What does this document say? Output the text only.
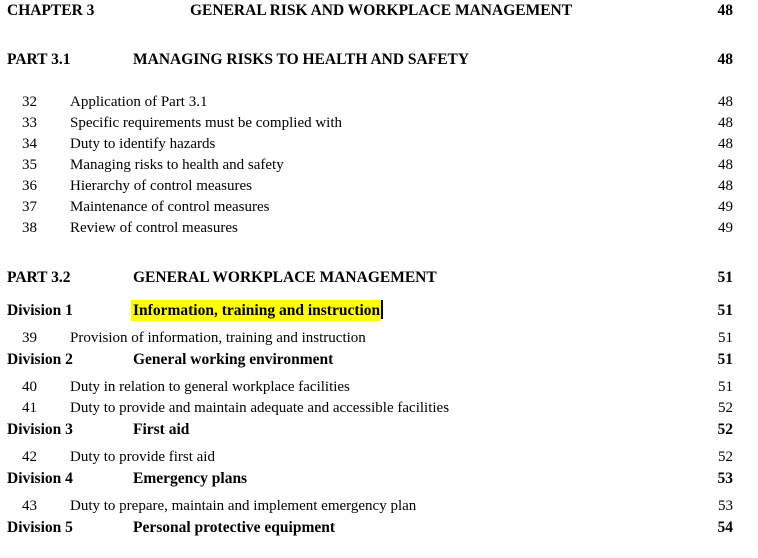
CHAPTER 3	GENERAL RISK AND WORKPLACE MANAGEMENT	48
PART 3.1	MANAGING RISKS TO HEALTH AND SAFETY	48
32	Application of Part 3.1	48
33	Specific requirements must be complied with	48
34	Duty to identify hazards	48
35	Managing risks to health and safety	48
36	Hierarchy of control measures	48
37	Maintenance of control measures	49
38	Review of control measures	49
PART 3.2	GENERAL WORKPLACE MANAGEMENT	51
Division 1	Information, training and instruction	51
39	Provision of information, training and instruction	51
Division 2	General working environment	51
40	Duty in relation to general workplace facilities	51
41	Duty to provide and maintain adequate and accessible facilities	52
Division 3	First aid	52
42	Duty to provide first aid	52
Division 4	Emergency plans	53
43	Duty to prepare, maintain and implement emergency plan	53
Division 5	Personal protective equipment	54
